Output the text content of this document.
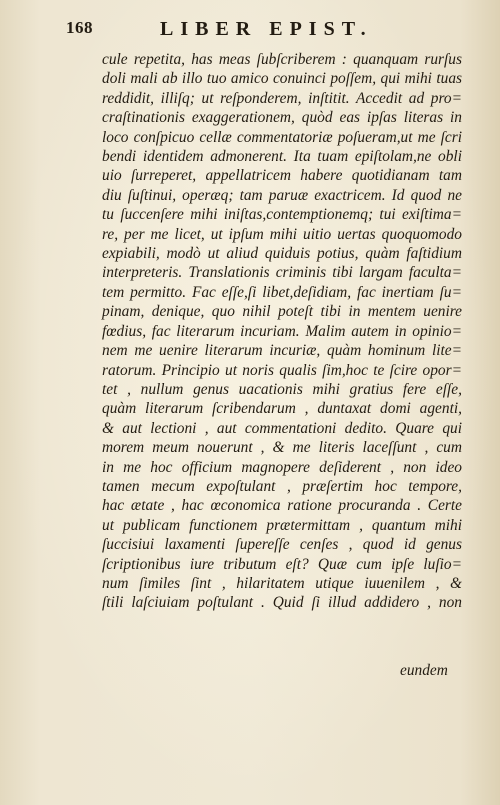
168	LIBER EPIST.
cule repetita, has meas ſubſcriberem : quanquam rurſus
doli mali ab illo tuo amico conuinci poſſem, qui mihi tuas
reddidit, illiſq; ut reſponderem, inſtitit. Accedit ad pro=
craſtinationis exaggerationem, quòd eas ipſas literas in
loco conſpicuo cellæ commentatoriæ poſueram,ut me ſcri
bendi identidem admonerent. Ita tuam epiſtolam,ne obli
uio ſurreperet, appellatricem habere quotidianam tam
diu ſuſtinui, operæq; tam paruæ exactricem. Id quod ne
tu ſuccenſere mihi iniſtas,contemptionemq; tui exiſtima=
re, per me licet, ut ipſum mihi uitio uertas quoquomodo
expiabili, modò ut aliud quiduis potius, quàm faſtidium
interpreteris. Translationis criminis tibi largam faculta=
tem permitto. Fac eſſe,ſi libet,deſidiam, fac inertiam ſu=
pinam, denique, quo nihil poteſt tibi in mentem uenire
fœdius, fac literarum incuriam. Malim autem in opinio=
nem me uenire literarum incuriæ, quàm hominum lite=
ratorum. Principio ut noris qualis ſim,hoc te ſcire opor=
tet , nullum genus uacationis mihi gratius fere eſſe,
quàm literarum ſcribendarum , duntaxat domi agenti,
& aut lectioni , aut commentationi dedito. Quare qui
morem meum nouerunt , & me literis laceſſunt , cum
in me hoc officium magnopere deſiderent , non ideo
tamen mecum expoſtulant , præſertim hoc tempore,
hac ætate , hac œconomica ratione procuranda . Certe
ut publicam functionem prætermittam , quantum mihi
ſuccisiui laxamenti ſupereſſe cenſes , quod id genus
ſcriptionibus iure tributum eſt? Quæ cum ipſe luſio=
num ſimiles ſint , hilaritatem utique iuuenilem , &
ſtili laſciuiam poſtulant . Quid ſi illud addidero , non
eundem
